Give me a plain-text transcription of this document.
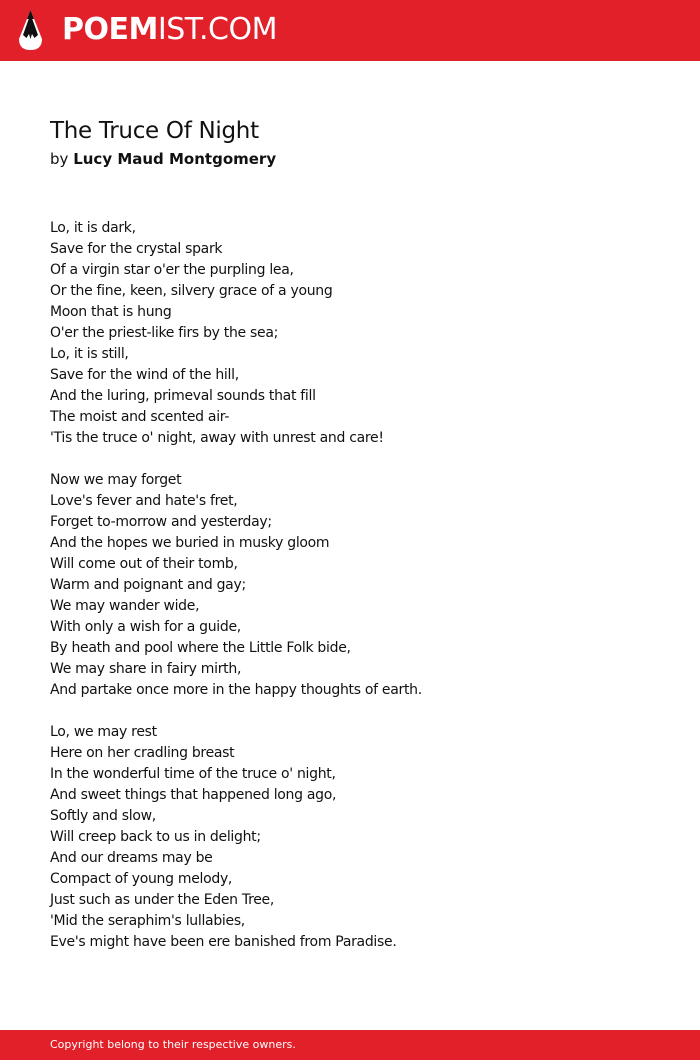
POEMIST.COM
The Truce Of Night
by Lucy Maud Montgomery
Lo, it is dark,
Save for the crystal spark
Of a virgin star o'er the purpling lea,
Or the fine, keen, silvery grace of a young
Moon that is hung
O'er the priest-like firs by the sea;
Lo, it is still,
Save for the wind of the hill,
And the luring, primeval sounds that fill
The moist and scented air-
'Tis the truce o' night, away with unrest and care!
Now we may forget
Love's fever and hate's fret,
Forget to-morrow and yesterday;
And the hopes we buried in musky gloom
Will come out of their tomb,
Warm and poignant and gay;
We may wander wide,
With only a wish for a guide,
By heath and pool where the Little Folk bide,
We may share in fairy mirth,
And partake once more in the happy thoughts of earth.
Lo, we may rest
Here on her cradling breast
In the wonderful time of the truce o' night,
And sweet things that happened long ago,
Softly and slow,
Will creep back to us in delight;
And our dreams may be
Compact of young melody,
Just such as under the Eden Tree,
'Mid the seraphim's lullabies,
Eve's might have been ere banished from Paradise.
Copyright belong to their respective owners.
